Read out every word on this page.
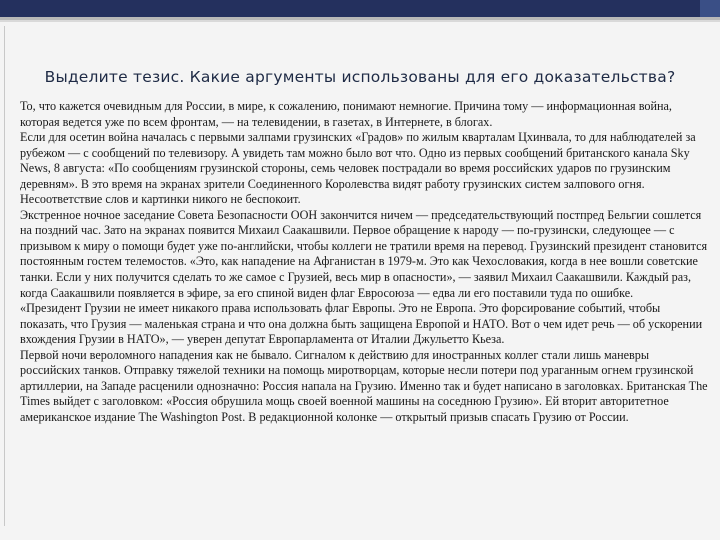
Выделите тезис. Какие аргументы использованы для его доказательства?

То, что кажется очевидным для России, в мире, к сожалению, понимают немногие. Причина тому — информационная война, которая ведется уже по всем фронтам, — на телевидении, в газетах, в Интернете, в блогах.

Если для осетин война началась с первыми залпами грузинских «Градов» по жилым кварталам Цхинвала, то для наблюдателей за рубежом — с сообщений по телевизору. А увидеть там можно было вот что. Одно из первых сообщений британского канала Sky News, 8 августа: «По сообщениям грузинской стороны, семь человек пострадали во время российских ударов по грузинским деревням». В это время на экранах зрители Соединенного Королевства видят работу грузинских систем залпового огня. Несоответствие слов и картинки никого не беспокоит.

Экстренное ночное заседание Совета Безопасности ООН закончится ничем — председательствующий постпред Бельгии сошлется на поздний час. Зато на экранах появится Михаил Саакашвили. Первое обращение к народу — по-грузински, следующее — с призывом к миру о помощи будет уже по-английски, чтобы коллеги не тратили время на перевод. Грузинский президент становится постоянным гостем телемостов. «Это, как нападение на Афганистан в 1979-м. Это как Чехословакия, когда в нее вошли советские танки. Если у них получится сделать то же самое с Грузией, весь мир в опасности», — заявил Михаил Саакашвили. Каждый раз, когда Саакашвили появляется в эфире, за его спиной виден флаг Евросоюза — едва ли его поставили туда по ошибке.

«Президент Грузии не имеет никакого права использовать флаг Европы. Это не Европа. Это форсирование событий, чтобы показать, что Грузия — маленькая страна и что она должна быть защищена Европой и НАТО. Вот о чем идет речь — об ускорении вхождения Грузии в НАТО», — уверен депутат Европарламента от Италии Джульетто Кьеза.

Первой ночи вероломного нападения как не бывало. Сигналом к действию для иностранных коллег стали лишь маневры российских танков. Отправку тяжелой техники на помощь миротворцам, которые несли потери под ураганным огнем грузинской артиллерии, на Западе расценили однозначно: Россия напала на Грузию. Именно так и будет написано в заголовках. Британская The Times выйдет с заголовком: «Россия обрушила мощь своей военной машины на соседнюю Грузию». Ей вторит авторитетное американское издание The Washington Post. В редакционной колонке — открытый призыв спасать Грузию от России.
